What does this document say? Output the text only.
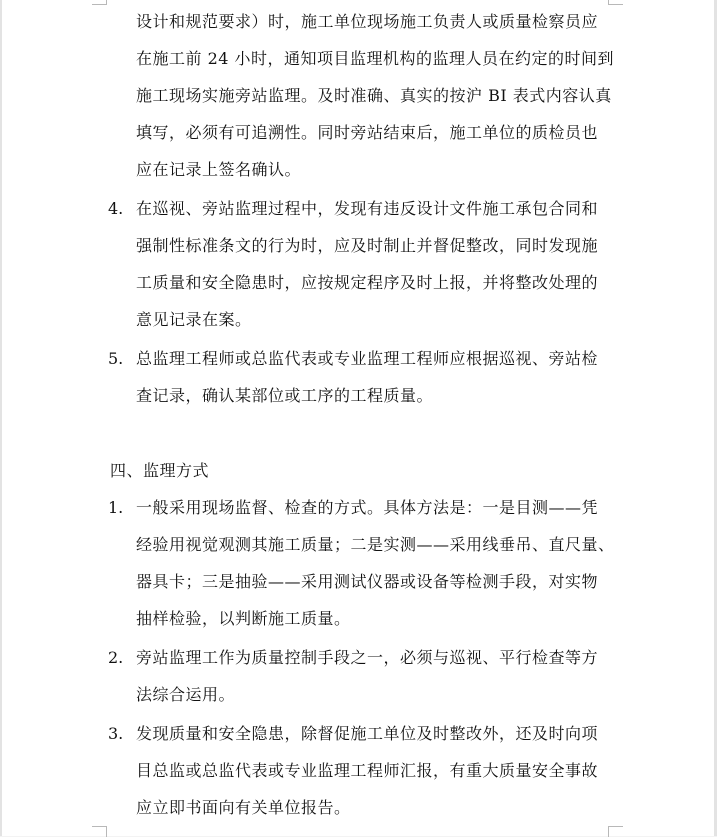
设计和规范要求）时，施工单位现场施工负责人或质量检察员应
在施工前 24 小时，通知项目监理机构的监理人员在约定的时间到
施工现场实施旁站监理。及时准确、真实的按沪 BI 表式内容认真
填写，必须有可追溯性。同时旁站结束后，施工单位的质检员也
应在记录上签名确认。
4. 在巡视、旁站监理过程中，发现有违反设计文件施工承包合同和
强制性标准条文的行为时，应及时制止并督促整改，同时发现施
工质量和安全隐患时，应按规定程序及时上报，并将整改处理的
意见记录在案。
5. 总监理工程师或总监代表或专业监理工程师应根据巡视、旁站检
查记录，确认某部位或工序的工程质量。
四、监理方式
1. 一般采用现场监督、检查的方式。具体方法是：一是目测——凭
经验用视觉观测其施工质量；二是实测——采用线垂吊、直尺量、
器具卡；三是抽验——采用测试仪器或设备等检测手段，对实物
抽样检验，以判断施工质量。
2. 旁站监理工作为质量控制手段之一，必须与巡视、平行检查等方
法综合运用。
3. 发现质量和安全隐患，除督促施工单位及时整改外，还及时向项
目总监或总监代表或专业监理工程师汇报，有重大质量安全事故
应立即书面向有关单位报告。
